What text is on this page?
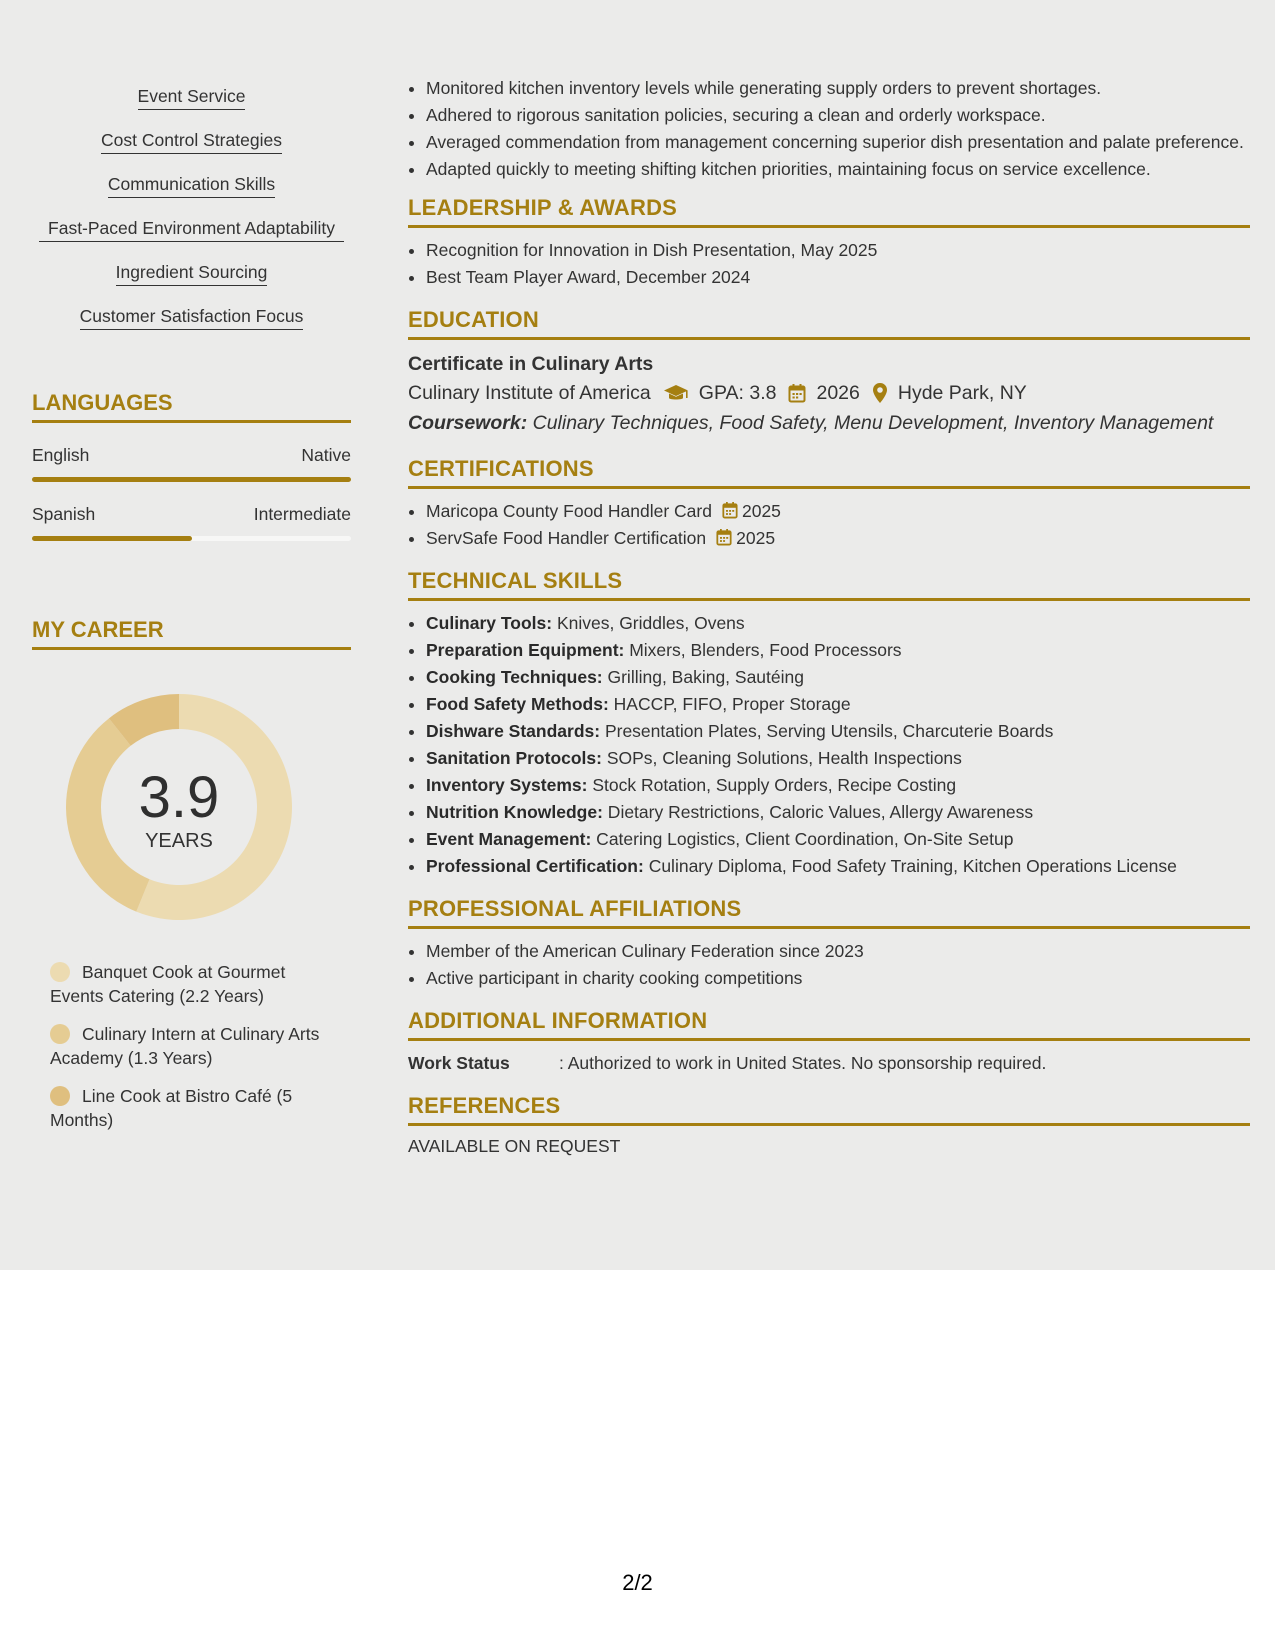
Event Service
Cost Control Strategies
Communication Skills

Fast-Paced Environment Adaptability
Ingredient Sourcing
Customer Satisfaction Focus
LANGUAGES
English	Native
Spanish	Intermediate
MY CAREER
3.9
YEARS
Banquet Cook at Gourmet Events Catering (2.2 Years)
Culinary Intern at Culinary Arts Academy (1.3 Years)
Line Cook at Bistro Café (5 Months)
• Monitored kitchen inventory levels while generating supply orders to prevent shortages.
• Adhered to rigorous sanitation policies, securing a clean and orderly workspace.
• Averaged commendation from management concerning superior dish presentation and palate preference.
• Adapted quickly to meeting shifting kitchen priorities, maintaining focus on service excellence.
LEADERSHIP & AWARDS
• Recognition for Innovation in Dish Presentation, May 2025
• Best Team Player Award, December 2024
EDUCATION
Certificate in Culinary Arts
Culinary Institute of America GPA: 3.8 2026 Hyde Park, NY
Coursework: Culinary Techniques, Food Safety, Menu Development, Inventory Management
CERTIFICATIONS
• Maricopa County Food Handler Card 2025
• ServSafe Food Handler Certification 2025
TECHNICAL SKILLS
• Culinary Tools: Knives, Griddles, Ovens
• Preparation Equipment: Mixers, Blenders, Food Processors
• Cooking Techniques: Grilling, Baking, Sautéing
• Food Safety Methods: HACCP, FIFO, Proper Storage
• Dishware Standards: Presentation Plates, Serving Utensils, Charcuterie Boards
• Sanitation Protocols: SOPs, Cleaning Solutions, Health Inspections
• Inventory Systems: Stock Rotation, Supply Orders, Recipe Costing
• Nutrition Knowledge: Dietary Restrictions, Caloric Values, Allergy Awareness
• Event Management: Catering Logistics, Client Coordination, On-Site Setup
• Professional Certification: Culinary Diploma, Food Safety Training, Kitchen Operations License
PROFESSIONAL AFFILIATIONS
• Member of the American Culinary Federation since 2023
• Active participant in charity cooking competitions
ADDITIONAL INFORMATION
Work Status	: Authorized to work in United States. No sponsorship required.
REFERENCES
AVAILABLE ON REQUEST
2/2
